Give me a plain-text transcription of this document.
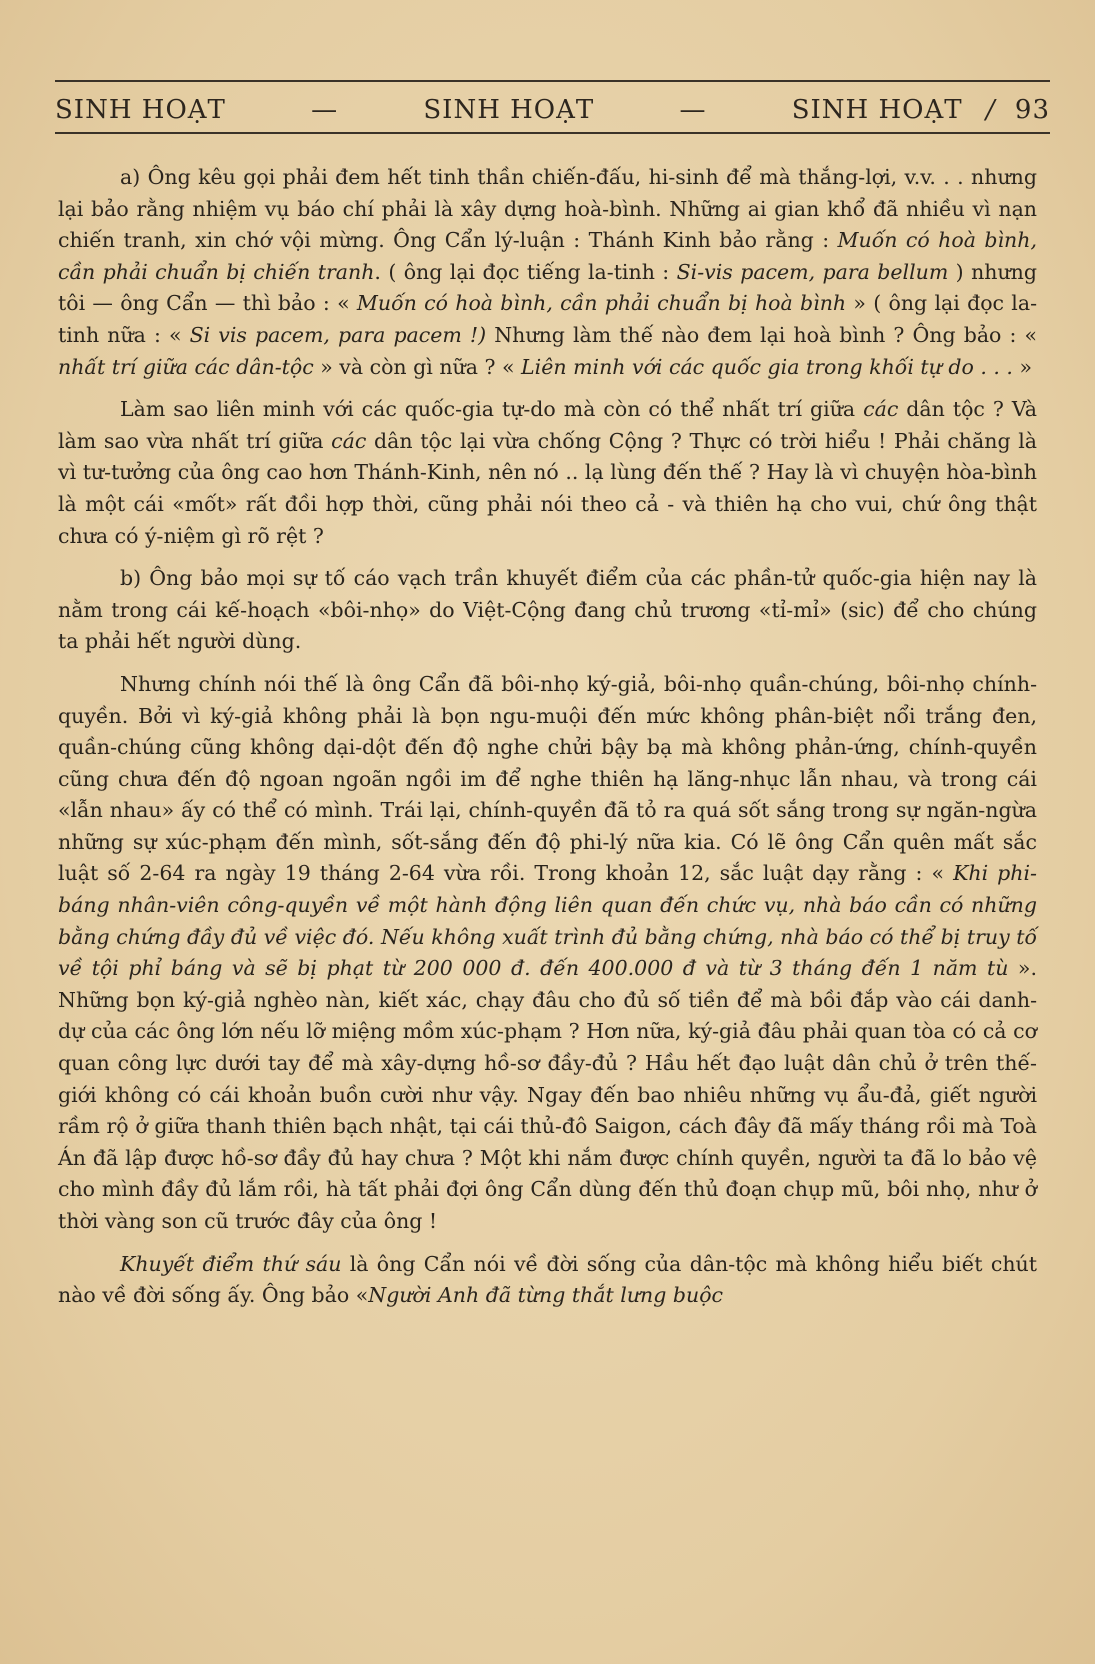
SINH HOẠT	—	SINH HOẠT	—	SINH HOẠT / 93

a) Ông kêu gọi phải đem hết tinh thần chiến-đấu, hi-sinh để mà thắng-lợi, v.v. . . nhưng lại bảo rằng nhiệm vụ báo chí phải là xây dựng hoà-bình. Những ai gian khổ đã nhiều vì nạn chiến tranh, xin chớ vội mừng. Ông Cẩn lý-luận : Thánh Kinh bảo rằng : Muốn có hoà bình, cần phải chuẩn bị chiến tranh. ( ông lại đọc tiếng la-tinh : Si-vis pacem, para bellum ) nhưng tôi — ông Cẩn — thì bảo : « Muốn có hoà bình, cần phải chuẩn bị hoà bình » ( ông lại đọc la-tinh nữa : « Si vis pacem, para pacem !) Nhưng làm thế nào đem lại hoà bình ? Ông bảo : « nhất trí giữa các dân-tộc » và còn gì nữa ? « Liên minh với các quốc gia trong khối tự do . . . »

Làm sao liên minh với các quốc-gia tự-do mà còn có thể nhất trí giữa các dân tộc ? Và làm sao vừa nhất trí giữa các dân tộc lại vừa chống Cộng ? Thực có trời hiểu ! Phải chăng là vì tư-tưởng của ông cao hơn Thánh-Kinh, nên nó .. lạ lùng đến thế ? Hay là vì chuyện hòa-bình là một cái «mốt» rất đồi hợp thời, cũng phải nói theo cả - và thiên hạ cho vui, chứ ông thật chưa có ý-niệm gì rõ rệt ?

b) Ông bảo mọi sự tố cáo vạch trần khuyết điểm của các phần-tử quốc-gia hiện nay là nằm trong cái kế-hoạch «bôi-nhọ» do Việt-Cộng đang chủ trương «tỉ-mỉ» (sic) để cho chúng ta phải hết người dùng.

Nhưng chính nói thế là ông Cẩn đã bôi-nhọ ký-giả, bôi-nhọ quần-chúng, bôi-nhọ chính-quyền. Bởi vì ký-giả không phải là bọn ngu-muội đến mức không phân-biệt nổi trắng đen, quần-chúng cũng không dại-dột đến độ nghe chửi bậy bạ mà không phản-ứng, chính-quyền cũng chưa đến độ ngoan ngoãn ngồi im để nghe thiên hạ lăng-nhục lẫn nhau, và trong cái «lẫn nhau» ấy có thể có mình. Trái lại, chính-quyền đã tỏ ra quá sốt sắng trong sự ngăn-ngừa những sự xúc-phạm đến mình, sốt-sắng đến độ phi-lý nữa kia. Có lẽ ông Cẩn quên mất sắc luật số 2-64 ra ngày 19 tháng 2-64 vừa rồi. Trong khoản 12, sắc luật dạy rằng : « Khi phi-báng nhân-viên công-quyền về một hành động liên quan đến chức vụ, nhà báo cần có những bằng chứng đầy đủ về việc đó. Nếu không xuất trình đủ bằng chứng, nhà báo có thể bị truy tố về tội phỉ báng và sẽ bị phạt từ 200 000 đ. đến 400.000 đ và từ 3 tháng đến 1 năm tù ». Những bọn ký-giả nghèo nàn, kiết xác, chạy đâu cho đủ số tiền để mà bồi đắp vào cái danh-dự của các ông lớn nếu lỡ miệng mồm xúc-phạm ? Hơn nữa, ký-giả đâu phải quan tòa có cả cơ quan công lực dưới tay để mà xây-dựng hồ-sơ đầy-đủ ? Hầu hết đạo luật dân chủ ở trên thế-giới không có cái khoản buồn cười như vậy. Ngay đến bao nhiêu những vụ ẩu-đả, giết người rầm rộ ở giữa thanh thiên bạch nhật, tại cái thủ-đô Saigon, cách đây đã mấy tháng rồi mà Toà Án đã lập được hồ-sơ đầy đủ hay chưa ? Một khi nắm được chính quyền, người ta đã lo bảo vệ cho mình đầy đủ lắm rồi, hà tất phải đợi ông Cẩn dùng đến thủ đoạn chụp mũ, bôi nhọ, như ở thời vàng son cũ trước đây của ông !

Khuyết điểm thứ sáu là ông Cẩn nói về đời sống của dân-tộc mà không hiểu biết chút nào về đời sống ấy. Ông bảo «Người Anh đã từng thắt lưng buộc
